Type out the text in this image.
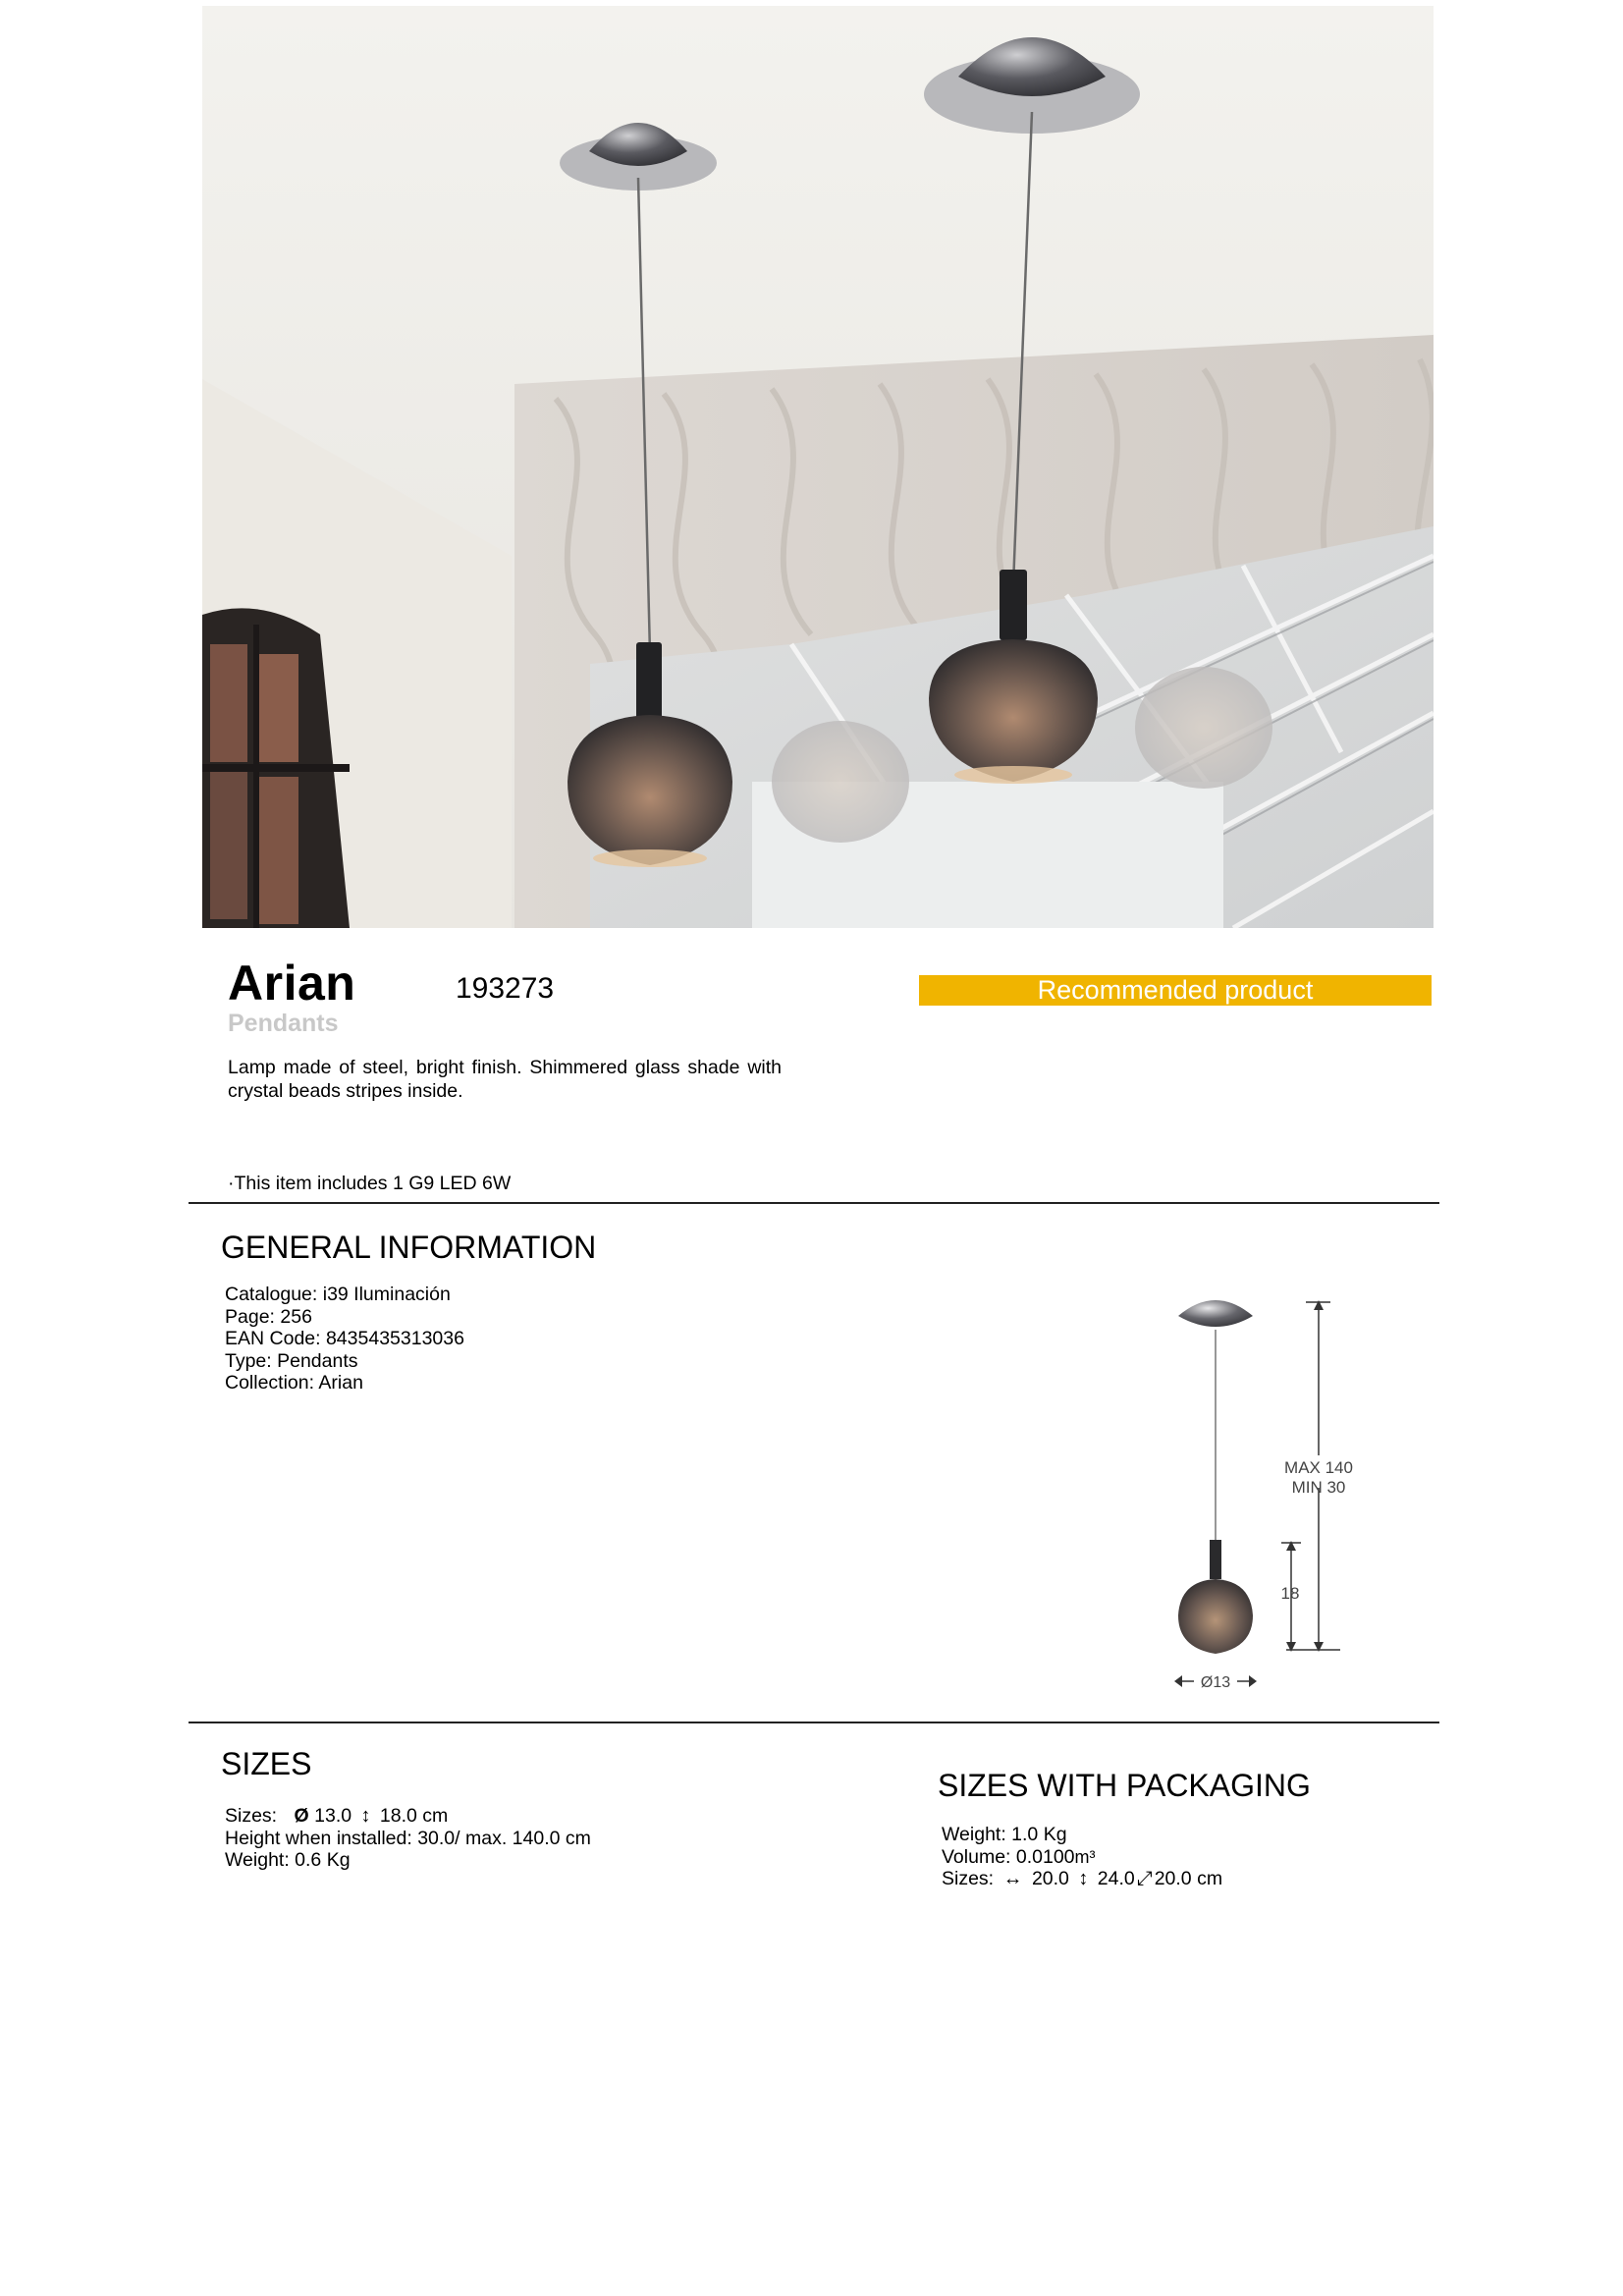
Arian	193273
Pendants
Recommended product
Lamp made of steel, bright finish. Shimmered glass shade with crystal beads stripes inside.
·This item includes 1 G9 LED 6W
GENERAL INFORMATION

Catalogue: i39 Iluminación

Page: 256

EAN Code: 8435435313036

Type: Pendants

Collection: Arian

MAX 140
MIN 30
18
Ø13
SIZES

Sizes: Ø 13.0 ↕ 18.0 cm

Height when installed: 30.0/ max. 140.0 cm

Weight: 0.6 Kg

SIZES WITH PACKAGING

Weight: 1.0 Kg

Volume: 0.0100m³

Sizes: ↔ 20.0 ↕ 24.0 ⤢ 20.0 cm
